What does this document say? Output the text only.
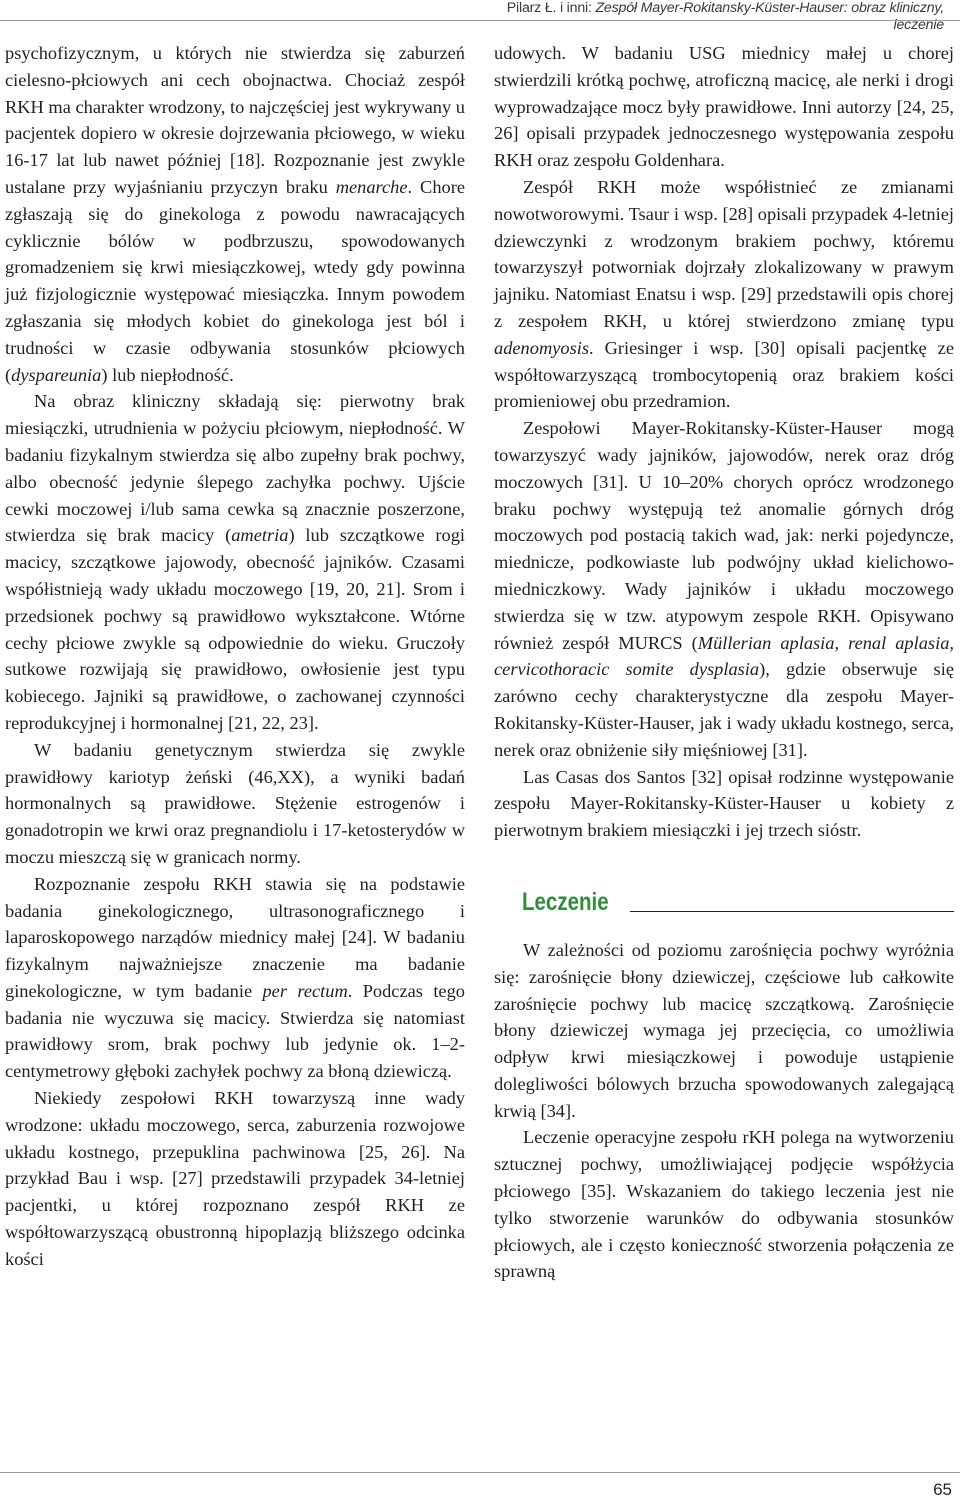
Pilarz Ł. i inni: Zespół Mayer-Rokitansky-Küster-Hauser: obraz kliniczny, leczenie

psychofizycznym, u których nie stwierdza się zaburzeń cielesno-płciowych ani cech obojnactwa. Chociaż zespół RKH ma charakter wrodzony, to najczęściej jest wykrywany u pacjentek dopiero w okresie dojrzewania płciowego, w wieku 16-17 lat lub nawet później [18]. Rozpoznanie jest zwykle ustalane przy wyjaśnianiu przyczyn braku menarche. Chore zgłaszają się do ginekologa z powodu nawracających cyklicznie bólów w podbrzuszu, spowodowanych gromadzeniem się krwi miesiączkowej, wtedy gdy powinna już fizjologicznie występować miesiączka. Innym powodem zgłaszania się młodych kobiet do ginekologa jest ból i trudności w czasie odbywania stosunków płciowych (dyspareunia) lub niepłodność.

Na obraz kliniczny składają się: pierwotny brak miesiączki, utrudnienia w pożyciu płciowym, niepłodność. W badaniu fizykalnym stwierdza się albo zupełny brak pochwy, albo obecność jedynie ślepego zachyłka pochwy. Ujście cewki moczowej i/lub sama cewka są znacznie poszerzone, stwierdza się brak macicy (ametria) lub szczątkowe rogi macicy, szczątkowe jajowody, obecność jajników. Czasami współistnieją wady układu moczowego [19, 20, 21]. Srom i przedsionek pochwy są prawidłowo wykształcone. Wtórne cechy płciowe zwykle są odpowiednie do wieku. Gruczoły sutkowe rozwijają się prawidłowo, owłosienie jest typu kobiecego. Jajniki są prawidłowe, o zachowanej czynności reprodukcyjnej i hormonalnej [21, 22, 23].

W badaniu genetycznym stwierdza się zwykle prawidłowy kariotyp żeński (46,XX), a wyniki badań hormonalnych są prawidłowe. Stężenie estrogenów i gonadotropin we krwi oraz pregnandiolu i 17-ketosterydów w moczu mieszczą się w granicach normy.

Rozpoznanie zespołu RKH stawia się na podstawie badania ginekologicznego, ultrasonograficznego i laparoskopowego narządów miednicy małej [24]. W badaniu fizykalnym najważniejsze znaczenie ma badanie ginekologiczne, w tym badanie per rectum. Podczas tego badania nie wyczuwa się macicy. Stwierdza się natomiast prawidłowy srom, brak pochwy lub jedynie ok. 1–2-centymetrowy głęboki zachyłek pochwy za błoną dziewiczą.

Niekiedy zespołowi RKH towarzyszą inne wady wrodzone: układu moczowego, serca, zaburzenia rozwojowe układu kostnego, przepuklina pachwinowa [25, 26]. Na przykład Bau i wsp. [27] przedstawili przypadek 34-letniej pacjentki, u której rozpoznano zespół RKH ze współtowarzyszącą obustronną hipoplazją bliższego odcinka kości

udowych. W badaniu USG miednicy małej u chorej stwierdzili krótką pochwę, atroficzną macicę, ale nerki i drogi wyprowadzające mocz były prawidłowe. Inni autorzy [24, 25, 26] opisali przypadek jednoczesnego występowania zespołu RKH oraz zespołu Goldenhara.

Zespół RKH może współistnieć ze zmianami nowotworowymi. Tsaur i wsp. [28] opisali przypadek 4-letniej dziewczynki z wrodzonym brakiem pochwy, któremu towarzyszył potworniak dojrzały zlokalizowany w prawym jajniku. Natomiast Enatsu i wsp. [29] przedstawili opis chorej z zespołem RKH, u której stwierdzono zmianę typu adenomyosis. Griesinger i wsp. [30] opisali pacjentkę ze współtowarzyszącą trombocytopenią oraz brakiem kości promieniowej obu przedramion.

Zespołowi Mayer-Rokitansky-Küster-Hauser mogą towarzyszyć wady jajników, jajowodów, nerek oraz dróg moczowych [31]. U 10–20% chorych oprócz wrodzonego braku pochwy występują też anomalie górnych dróg moczowych pod postacią takich wad, jak: nerki pojedyncze, miednicze, podkowiaste lub podwójny układ kielichowo-miedniczkowy. Wady jajników i układu moczowego stwierdza się w tzw. atypowym zespole RKH. Opisywano również zespół MURCS (Müllerian aplasia, renal aplasia, cervicothoracic somite dysplasia), gdzie obserwuje się zarówno cechy charakterystyczne dla zespołu Mayer-Rokitansky-Küster-Hauser, jak i wady układu kostnego, serca, nerek oraz obniżenie siły mięśniowej [31].

Las Casas dos Santos [32] opisał rodzinne występowanie zespołu Mayer-Rokitansky-Küster-Hauser u kobiety z pierwotnym brakiem miesiączki i jej trzech sióstr.

Leczenie

W zależności od poziomu zarośnięcia pochwy wyróżnia się: zarośnięcie błony dziewiczej, częściowe lub całkowite zarośnięcie pochwy lub macicę szczątkową. Zarośnięcie błony dziewiczej wymaga jej przecięcia, co umożliwia odpływ krwi miesiączkowej i powoduje ustąpienie dolegliwości bólowych brzucha spowodowanych zalegającą krwią [34].

Leczenie operacyjne zespołu rKH polega na wytworzeniu sztucznej pochwy, umożliwiającej podjęcie współżycia płciowego [35]. Wskazaniem do takiego leczenia jest nie tylko stworzenie warunków do odbywania stosunków płciowych, ale i często konieczność stworzenia połączenia ze sprawną

65
